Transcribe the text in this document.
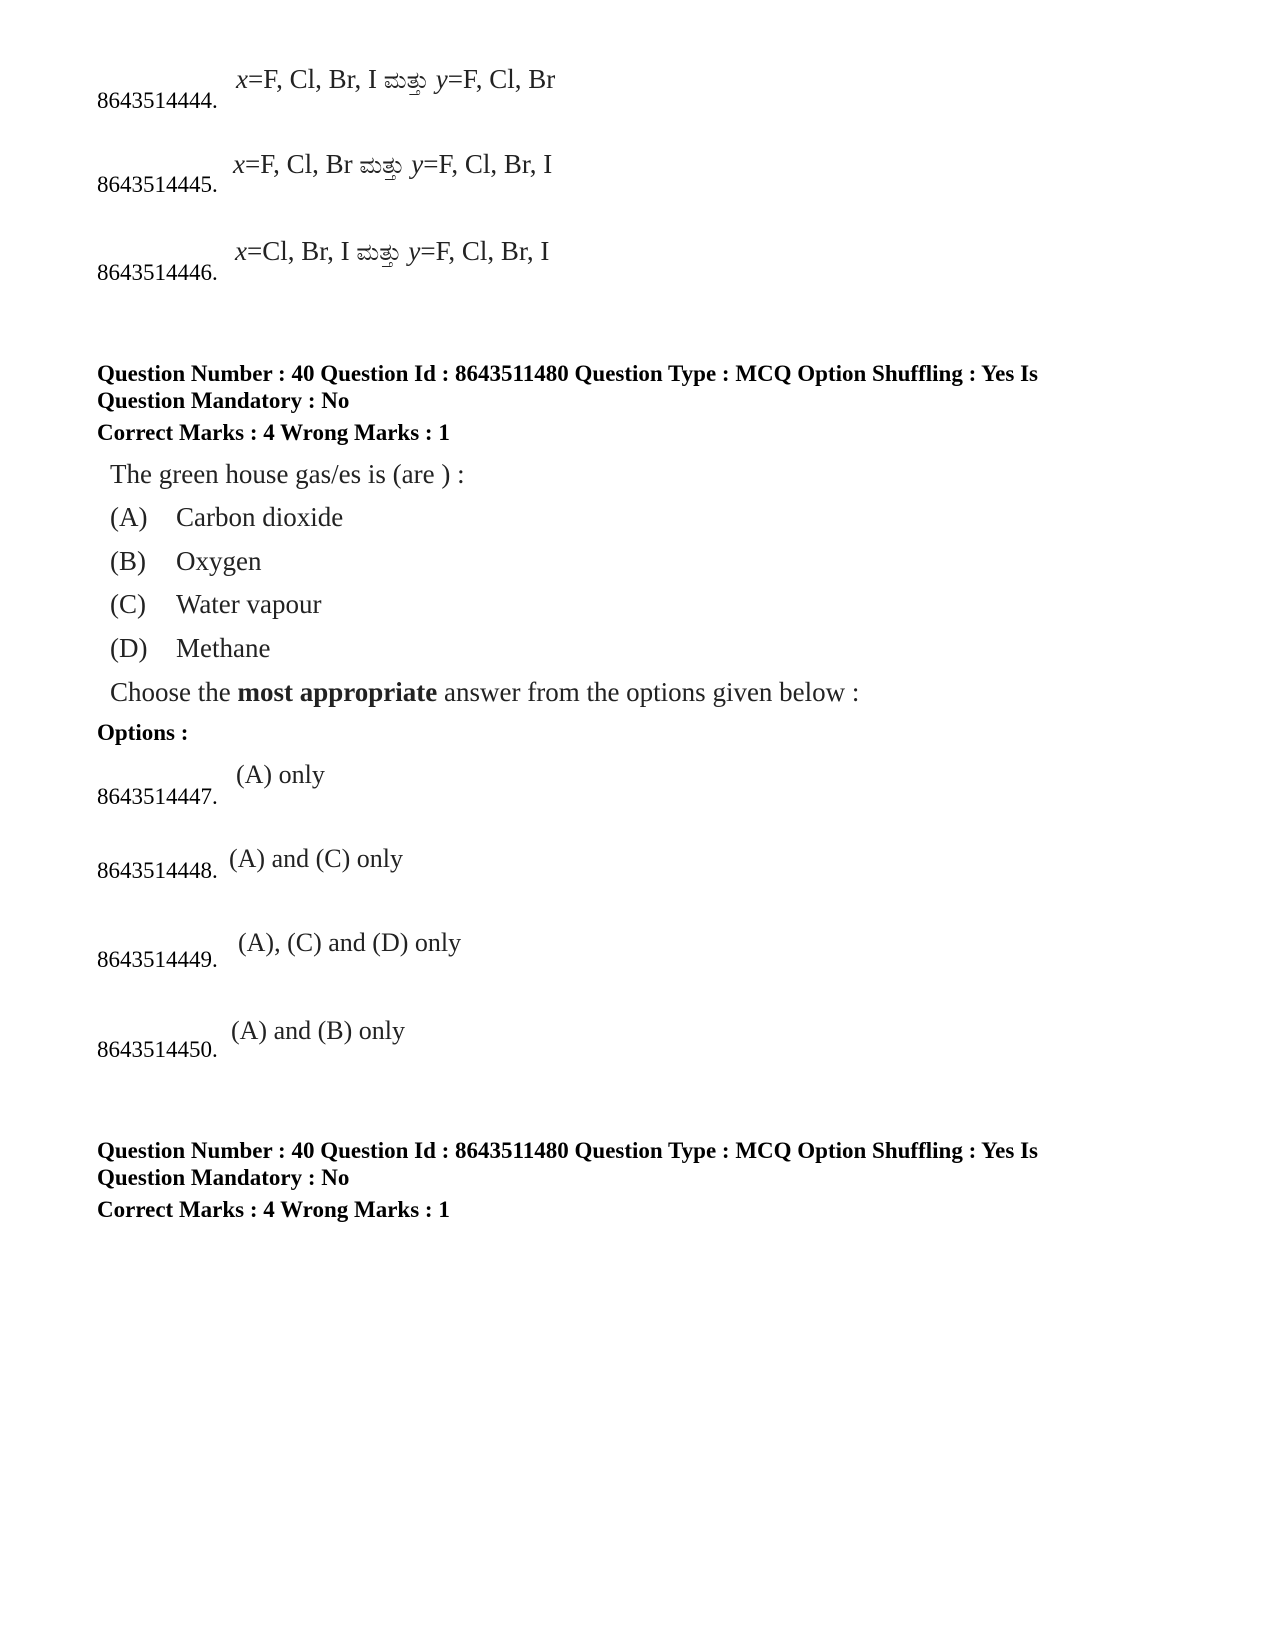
x=F, Cl, Br, I ಮತ್ತು y=F, Cl, Br
8643514444.
x=F, Cl, Br ಮತ್ತು y=F, Cl, Br, I
8643514445.
x=Cl, Br, I ಮತ್ತು y=F, Cl, Br, I
8643514446.
Question Number : 40 Question Id : 8643511480 Question Type : MCQ Option Shuffling : Yes Is
Question Mandatory : No
Correct Marks : 4 Wrong Marks : 1
The green house gas/es is (are ) :
(A) Carbon dioxide
(B) Oxygen
(C) Water vapour
(D) Methane
Choose the most appropriate answer from the options given below :
Options :
(A) only
8643514447.
(A) and (C) only
8643514448.
(A), (C) and (D) only
8643514449.
(A) and (B) only
8643514450.
Question Number : 40 Question Id : 8643511480 Question Type : MCQ Option Shuffling : Yes Is
Question Mandatory : No
Correct Marks : 4 Wrong Marks : 1
